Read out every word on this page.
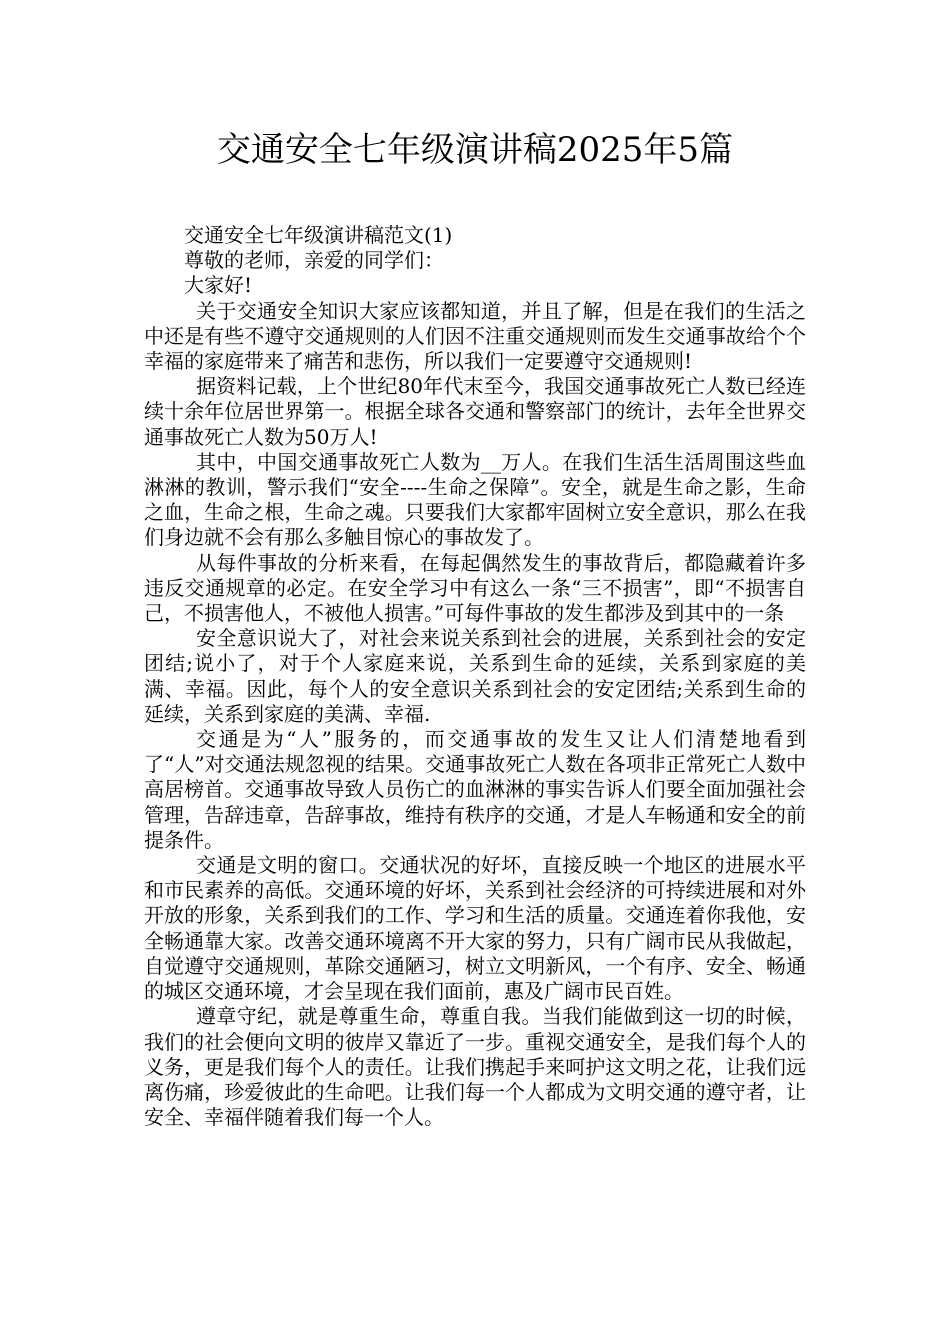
交通安全七年级演讲稿2025年5篇

交通安全七年级演讲稿范文(1)

尊敬的老师，亲爱的同学们：

大家好!

关于交通安全知识大家应该都知道，并且了解，但是在我们的生活之中还是有些不遵守交通规则的人们因不注重交通规则而发生交通事故给个个幸福的家庭带来了痛苦和悲伤，所以我们一定要遵守交通规则!

据资料记载，上个世纪80年代末至今，我国交通事故死亡人数已经连续十余年位居世界第一。根据全球各交通和警察部门的统计，去年全世界交通事故死亡人数为50万人!

其中，中国交通事故死亡人数为__万人。在我们生活生活周围这些血淋淋的教训，警示我们“安全----生命之保障”。安全，就是生命之影，生命之血，生命之根，生命之魂。只要我们大家都牢固树立安全意识，那么在我们身边就不会有那么多触目惊心的事故发了。

从每件事故的分析来看，在每起偶然发生的事故背后，都隐藏着许多违反交通规章的必定。在安全学习中有这么一条“三不损害”，即“不损害自己，不损害他人，不被他人损害。”可每件事故的发生都涉及到其中的一条

安全意识说大了，对社会来说关系到社会的进展，关系到社会的安定团结;说小了，对于个人家庭来说，关系到生命的延续，关系到家庭的美满、幸福。因此，每个人的安全意识关系到社会的安定团结;关系到生命的延续，关系到家庭的美满、幸福.

交通是为“人”服务的，而交通事故的发生又让人们清楚地看到了“人”对交通法规忽视的结果。交通事故死亡人数在各项非正常死亡人数中高居榜首。交通事故导致人员伤亡的血淋淋的事实告诉人们要全面加强社会管理，告辞违章，告辞事故，维持有秩序的交通，才是人车畅通和安全的前提条件。

交通是文明的窗口。交通状况的好坏，直接反映一个地区的进展水平和市民素养的高低。交通环境的好坏，关系到社会经济的可持续进展和对外开放的形象，关系到我们的工作、学习和生活的质量。交通连着你我他，安全畅通靠大家。改善交通环境离不开大家的努力，只有广阔市民从我做起，自觉遵守交通规则，革除交通陋习，树立文明新风，一个有序、安全、畅通的城区交通环境，才会呈现在我们面前，惠及广阔市民百姓。

遵章守纪，就是尊重生命，尊重自我。当我们能做到这一切的时候，我们的社会便向文明的彼岸又靠近了一步。重视交通安全，是我们每个人的义务，更是我们每个人的责任。让我们携起手来呵护这文明之花，让我们远离伤痛，珍爱彼此的生命吧。让我们每一个人都成为文明交通的遵守者，让安全、幸福伴随着我们每一个人。
